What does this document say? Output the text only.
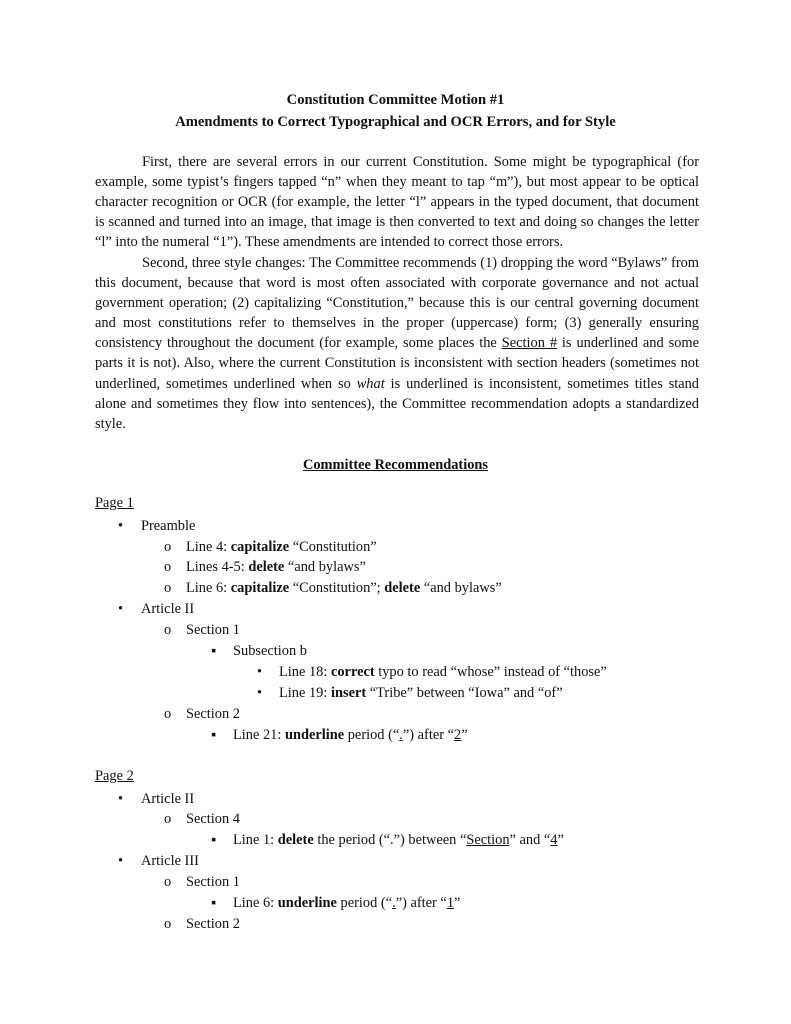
Constitution Committee Motion #1
Amendments to Correct Typographical and OCR Errors, and for Style

First, there are several errors in our current Constitution. Some might be typographical (for example, some typist’s fingers tapped “n” when they meant to tap “m”), but most appear to be optical character recognition or OCR (for example, the letter “l” appears in the typed document, that document is scanned and turned into an image, that image is then converted to text and doing so changes the letter “l” into the numeral “1”). These amendments are intended to correct those errors.

Second, three style changes: The Committee recommends (1) dropping the word “Bylaws” from this document, because that word is most often associated with corporate governance and not actual government operation; (2) capitalizing “Constitution,” because this is our central governing document and most constitutions refer to themselves in the proper (uppercase) form; (3) generally ensuring consistency throughout the document (for example, some places the Section # is underlined and some parts it is not). Also, where the current Constitution is inconsistent with section headers (sometimes not underlined, sometimes underlined when so what is underlined is inconsistent, sometimes titles stand alone and sometimes they flow into sentences), the Committee recommendation adopts a standardized style.

Committee Recommendations
Page 1
• Preamble
o Line 4: capitalize “Constitution”
o Lines 4-5: delete “and bylaws”
o Line 6: capitalize “Constitution”; delete “and bylaws”
• Article II
o Section 1
▪ Subsection b
• Line 18: correct typo to read “whose” instead of “those”
• Line 19: insert “Tribe” between “Iowa” and “of”
o Section 2
▪ Line 21: underline period (“.”) after “2”
Page 2
• Article II
o Section 4
▪ Line 1: delete the period (“.”) between “Section” and “4”
• Article III
o Section 1
▪ Line 6: underline period (“.”) after “1”
o Section 2
